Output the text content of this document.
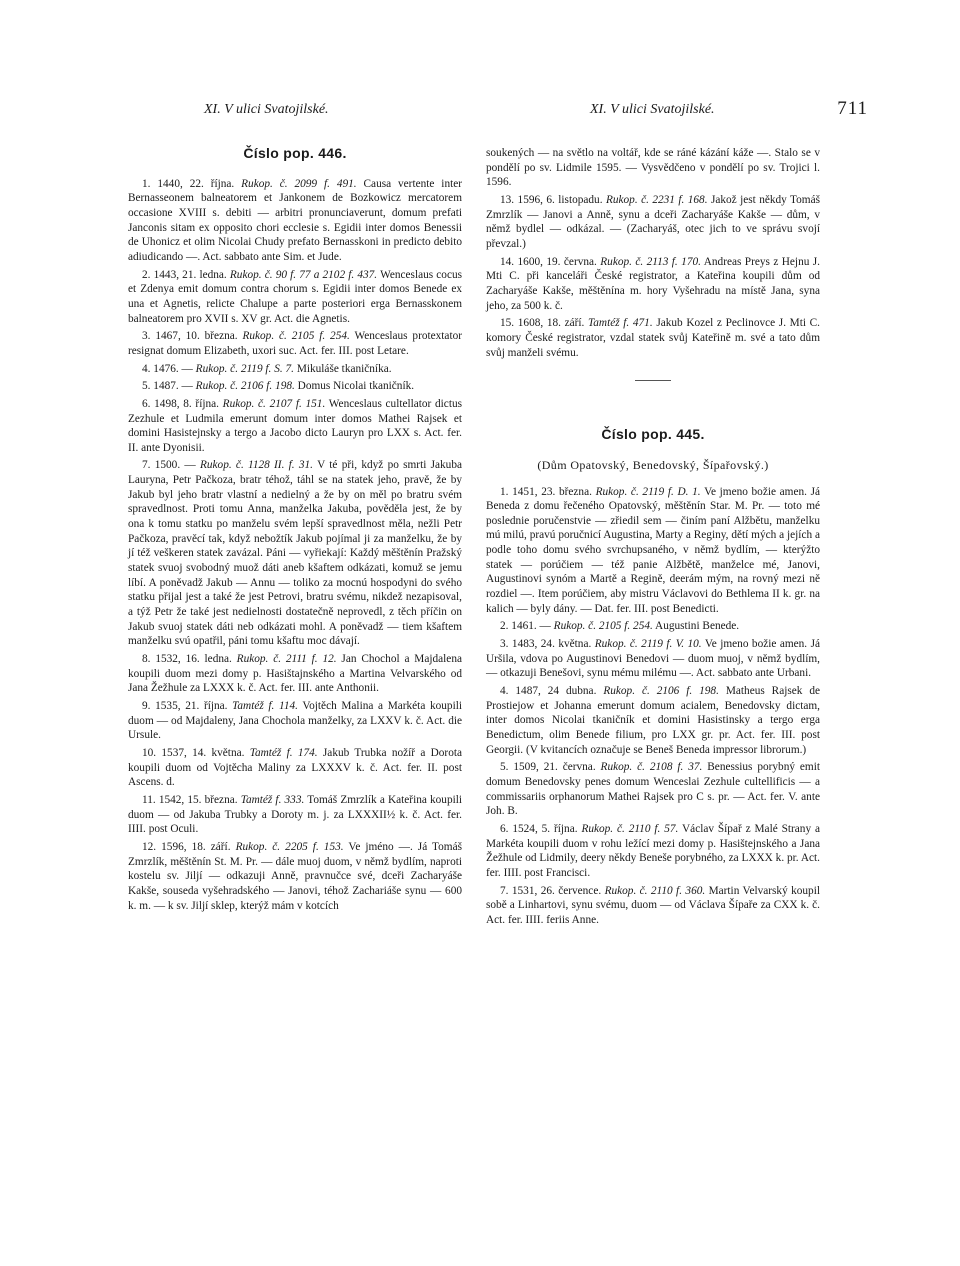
XI. V ulici Svatojilské.	XI. V ulici Svatojilské.	711
Číslo pop. 446.

1. 1440, 22. října. Rukop. č. 2099 f. 491. Causa vertente inter Bernasseonem balneatorem et Jankonem de Bozkowicz mercatorem occasione XVIII s. debiti — arbitri pronunciaverunt, domum prefati Janconis sitam ex opposito chori ecclesie s. Egidii inter domos Benessii de Uhonicz et olim Nicolai Chudy prefato Bernasskoni in predicto debito adiudicando —. Act. sabbato ante Sim. et Jude.

2. 1443, 21. ledna. Rukop. č. 90 f. 77 a 2102 f. 437. Wenceslaus cocus et Zdenya emit domum contra chorum s. Egidii inter domos Benede ex una et Agnetis, relicte Chalupe a parte posteriori erga Bernasskonem balneatorem pro XVII s. XV gr. Act. die Agnetis.

3. 1467, 10. března. Rukop. č. 2105 f. 254. Wenceslaus protextator resignat domum Elizabeth, uxori suc. Act. fer. III. post Letare.

4. 1476. — Rukop. č. 2119 f. S. 7. Mikuláše tkaničníka.

5. 1487. — Rukop. č. 2106 f. 198. Domus Nicolai tkaničník.

6. 1498, 8. října. Rukop. č. 2107 f. 151. Wenceslaus cultellator dictus Zezhule et Ludmila emerunt domum inter domos Mathei Rajsek et domini Hasistejnsky a tergo a Jacobo dicto Lauryn pro LXX s. Act. fer. II. ante Dyonisii.

7. 1500. — Rukop. č. 1128 II. f. 31. V té při, když po smrti Jakuba Lauryna, Petr Pačkoza, bratr téhož, táhl se na statek jeho, pravě, že by Jakub byl jeho bratr vlastní a nedielný a že by on měl po bratru svém spravedlnost. Proti tomu Anna, manželka Jakuba, pověděla jest, že by ona k tomu statku po manželu svém lepší spravedlnost měla, nežli Petr Pačkoza, pravěcí tak, když nebožtík Jakub pojímal ji za manželku, že by jí též veškeren statek zavázal. Páni — vyřiekají: Každý měštěnín Pražský statek svuoj svobodný muož dáti aneb kšaftem odkázati, komuž se jemu líbí. A poněvadž Jakub — Annu — toliko za mocnú hospodyni do svého statku přijal jest a také že jest Petrovi, bratru svému, nikdež nezapisoval, a týž Petr že také jest nedielnosti dostatečně neprovedl, z těch příčin on Jakub svuoj statek dáti neb odkázati mohl. A poněvadž — tiem kšaftem manželku svú opatřil, páni tomu kšaftu moc dávají.

8. 1532, 16. ledna. Rukop. č. 2111 f. 12. Jan Chochol a Majdalena koupili duom mezi domy p. Hasištajnského a Martina Velvarského od Jana Žežhule za LXXX k. č. Act. fer. III. ante Anthonii.

9. 1535, 21. října. Tamtéž f. 114. Vojtěch Malina a Markéta koupili duom — od Majdaleny, Jana Chochola manželky, za LXXV k. č. Act. die Ursule.

10. 1537, 14. května. Tamtéž f. 174. Jakub Trubka nožíř a Dorota koupili duom od Vojtěcha Maliny za LXXXV k. č. Act. fer. II. post Ascens. d.

11. 1542, 15. března. Tamtéž f. 333. Tomáš Zmrzlík a Kateřina koupili duom — od Jakuba Trubky a Doroty m. j. za LXXXII½ k. č. Act. fer. IIII. post Oculi.

12. 1596, 18. září. Rukop. č. 2205 f. 153. Ve jméno —. Já Tomáš Zmrzlík, měštěnín St. M. Pr. — dále muoj duom, v němž bydlím, naproti kostelu sv. Jiljí — odkazuji Anně, pravnučce své, dceři Zacharyáše Kakše, souseda vyšehradského — Janovi, téhož Zachariáše synu — 600 k. m. — k sv. Jiljí sklep, kterýž mám v kotcích

soukených — na světlo na voltář, kde se ráné kázání káže —. Stalo se v pondělí po sv. Lidmile 1595. — Vysvědčeno v pondělí po sv. Trojici l. 1596.

13. 1596, 6. listopadu. Rukop. č. 2231 f. 168. Jakož jest někdy Tomáš Zmrzlík — Janovi a Anně, synu a dceři Zacharyáše Kakše — dům, v němž bydlel — odkázal. — (Zacharyáš, otec jich to ve správu svojí převzal.)

14. 1600, 19. června. Rukop. č. 2113 f. 170. Andreas Preys z Hejnu J. Mti C. při kanceláři České registrator, a Kateřina koupili dům od Zacharyáše Kakše, měštěnína m. hory Vyšehradu na místě Jana, syna jeho, za 500 k. č.

15. 1608, 18. září. Tamtéž f. 471. Jakub Kozel z Peclinovce J. Mti C. komory České registrator, vzdal statek svůj Kateřině m. své a tato dům svůj manželi svému.

Číslo pop. 445.
(Dům Opatovský, Benedovský, Šípařovský.)

1. 1451, 23. března. Rukop. č. 2119 f. D. 1. Ve jmeno božie amen. Já Beneda z domu řečeného Opatovský, měštěnín Star. M. Pr. — toto mé poslednie poručenstvie — zřiedil sem — činím paní Alžbětu, manželku mú milú, pravú poručnicí Augustina, Marty a Reginy, dětí mých a jejích a podle toho domu svého svrchupsaného, v němž bydlím, — kterýžto statek — porúčiem — též panie Alžbětě, manželce mé, Janovi, Augustinovi synóm a Martě a Regině, deerám mým, na rovný mezi ně rozdiel —. Item porúčiem, aby mistru Václavovi do Bethlema II k. gr. na kalich — byly dány. — Dat. fer. III. post Benedicti.

2. 1461. — Rukop. č. 2105 f. 254. Augustini Benede.

3. 1483, 24. května. Rukop. č. 2119 f. V. 10. Ve jmeno božie amen. Já Uršila, vdova po Augustinovi Benedovi — duom muoj, v němž bydlím, — otkazuji Benešovi, synu mému milému —. Act. sabbato ante Urbani.

4. 1487, 24 dubna. Rukop. č. 2106 f. 198. Matheus Rajsek de Prostiejow et Johanna emerunt domum acialem, Benedovsky dictam, inter domos Nicolai tkaničník et domini Hasistinsky a tergo erga Benedictum, olim Benede filium, pro LXX gr. pr. Act. fer. III. post Georgii. (V kvitancích označuje se Beneš Beneda impressor librorum.)

5. 1509, 21. června. Rukop. č. 2108 f. 37. Benessius porybný emit domum Benedovsky penes domum Wenceslai Zezhule cultellificis — a commissariis orphanorum Mathei Rajsek pro C s. pr. — Act. fer. V. ante Joh. B.

6. 1524, 5. října. Rukop. č. 2110 f. 57. Václav Šípař z Malé Strany a Markéta koupili duom v rohu ležící mezi domy p. Hasištejnského a Jana Žežhule od Lidmily, deery někdy Beneše porybného, za LXXX k. pr. Act. fer. IIII. post Francisci.

7. 1531, 26. července. Rukop. č. 2110 f. 360. Martin Velvarský koupil sobě a Linhartovi, synu svému, duom — od Václava Šípaře za CXX k. č. Act. fer. IIII. feriis Anne.
